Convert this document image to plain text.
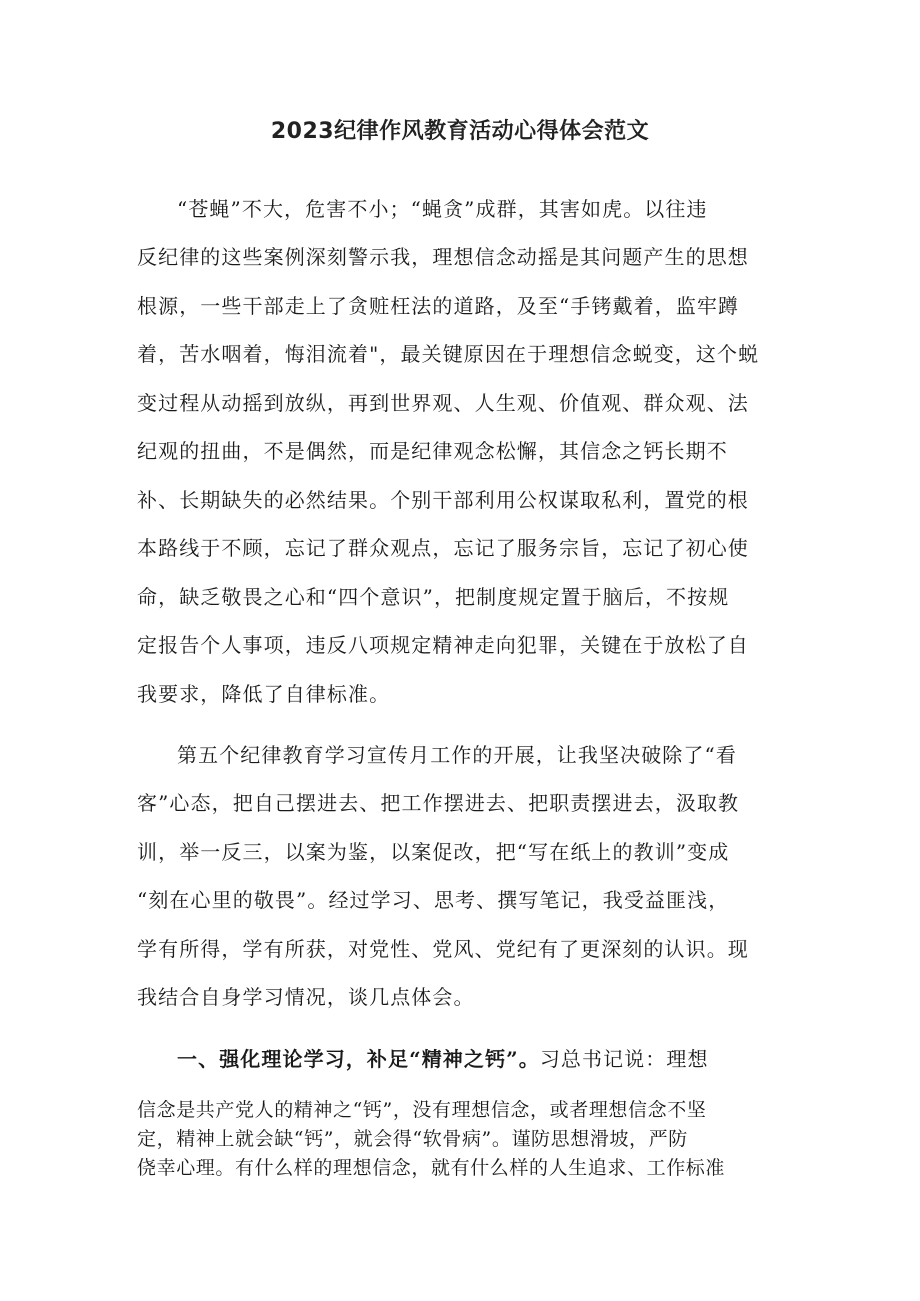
2023纪律作风教育活动心得体会范文

“苍蝇”不大，危害不小；“蝇贪”成群，其害如虎。以往违

反纪律的这些案例深刻警示我，理想信念动摇是其问题产生的思想

根源，一些干部走上了贪赃枉法的道路，及至“手铐戴着，监牢蹲

着，苦水咽着，悔泪流着"，最关键原因在于理想信念蜕变，这个蜕

变过程从动摇到放纵，再到世界观、人生观、价值观、群众观、法

纪观的扭曲，不是偶然，而是纪律观念松懈，其信念之钙长期不

补、长期缺失的必然结果。个别干部利用公权谋取私利，置党的根

本路线于不顾，忘记了群众观点，忘记了服务宗旨，忘记了初心使

命，缺乏敬畏之心和“四个意识”，把制度规定置于脑后，不按规

定报告个人事项，违反八项规定精神走向犯罪，关键在于放松了自

我要求，降低了自律标准。

第五个纪律教育学习宣传月工作的开展，让我坚决破除了“看

客”心态，把自己摆进去、把工作摆进去、把职责摆进去，汲取教

训，举一反三，以案为鉴，以案促改，把“写在纸上的教训”变成

“刻在心里的敬畏”。经过学习、思考、撰写笔记，我受益匪浅，

学有所得，学有所获，对党性、党风、党纪有了更深刻的认识。现

我结合自身学习情况，谈几点体会。

一、强化理论学习，补足“精神之钙”。习总书记说：理想

信念是共产党人的精神之“钙”，没有理想信念，或者理想信念不坚

定，精神上就会缺“钙”，就会得“软骨病”。谨防思想滑坡，严防

侥幸心理。有什么样的理想信念，就有什么样的人生追求、工作标准
